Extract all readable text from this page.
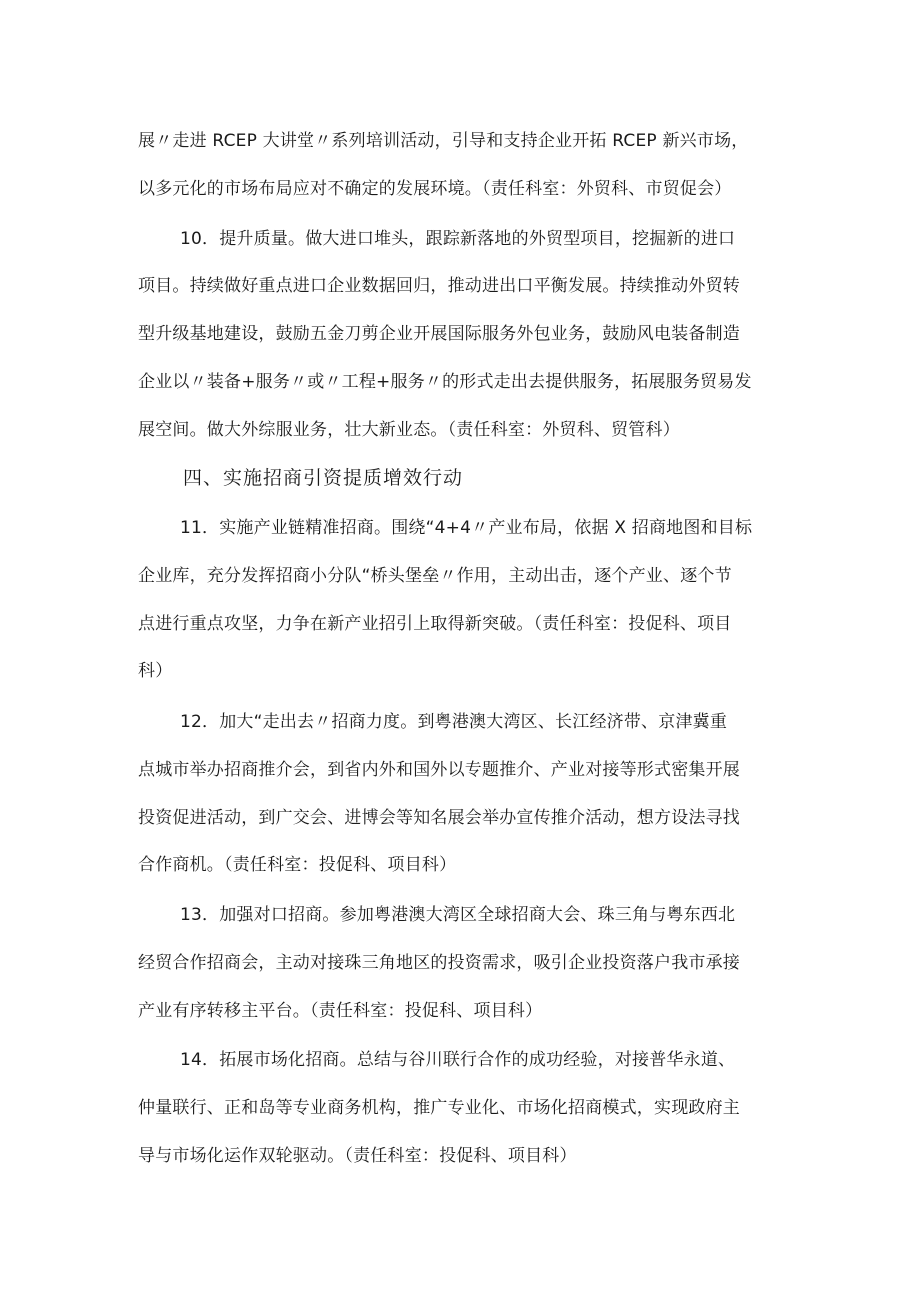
展〃走进 RCEP 大讲堂〃系列培训活动，引导和支持企业开拓 RCEP 新兴市场，
以多元化的市场布局应对不确定的发展环境。（责任科室：外贸科、市贸促会）
10．提升质量。做大进口堆头，跟踪新落地的外贸型项目，挖掘新的进口
项目。持续做好重点进口企业数据回归，推动进出口平衡发展。持续推动外贸转
型升级基地建设，鼓励五金刀剪企业开展国际服务外包业务，鼓励风电装备制造
企业以〃装备+服务〃或〃工程+服务〃的形式走出去提供服务，拓展服务贸易发
展空间。做大外综服业务，壮大新业态。（责任科室：外贸科、贸管科）
四、实施招商引资提质增效行动
11．实施产业链精准招商。围绕“4+4〃产业布局，依据 X 招商地图和目标
企业库，充分发挥招商小分队“桥头堡垒〃作用，主动出击，逐个产业、逐个节
点进行重点攻坚，力争在新产业招引上取得新突破。（责任科室：投促科、项目
科）
12．加大“走出去〃招商力度。到粤港澳大湾区、长江经济带、京津冀重
点城市举办招商推介会，到省内外和国外以专题推介、产业对接等形式密集开展
投资促进活动，到广交会、进博会等知名展会举办宣传推介活动，想方设法寻找
合作商机。（责任科室：投促科、项目科）
13．加强对口招商。参加粤港澳大湾区全球招商大会、珠三角与粤东西北
经贸合作招商会，主动对接珠三角地区的投资需求，吸引企业投资落户我市承接
产业有序转移主平台。（责任科室：投促科、项目科）
14．拓展市场化招商。总结与谷川联行合作的成功经验，对接普华永道、
仲量联行、正和岛等专业商务机构，推广专业化、市场化招商模式，实现政府主
导与市场化运作双轮驱动。（责任科室：投促科、项目科）
